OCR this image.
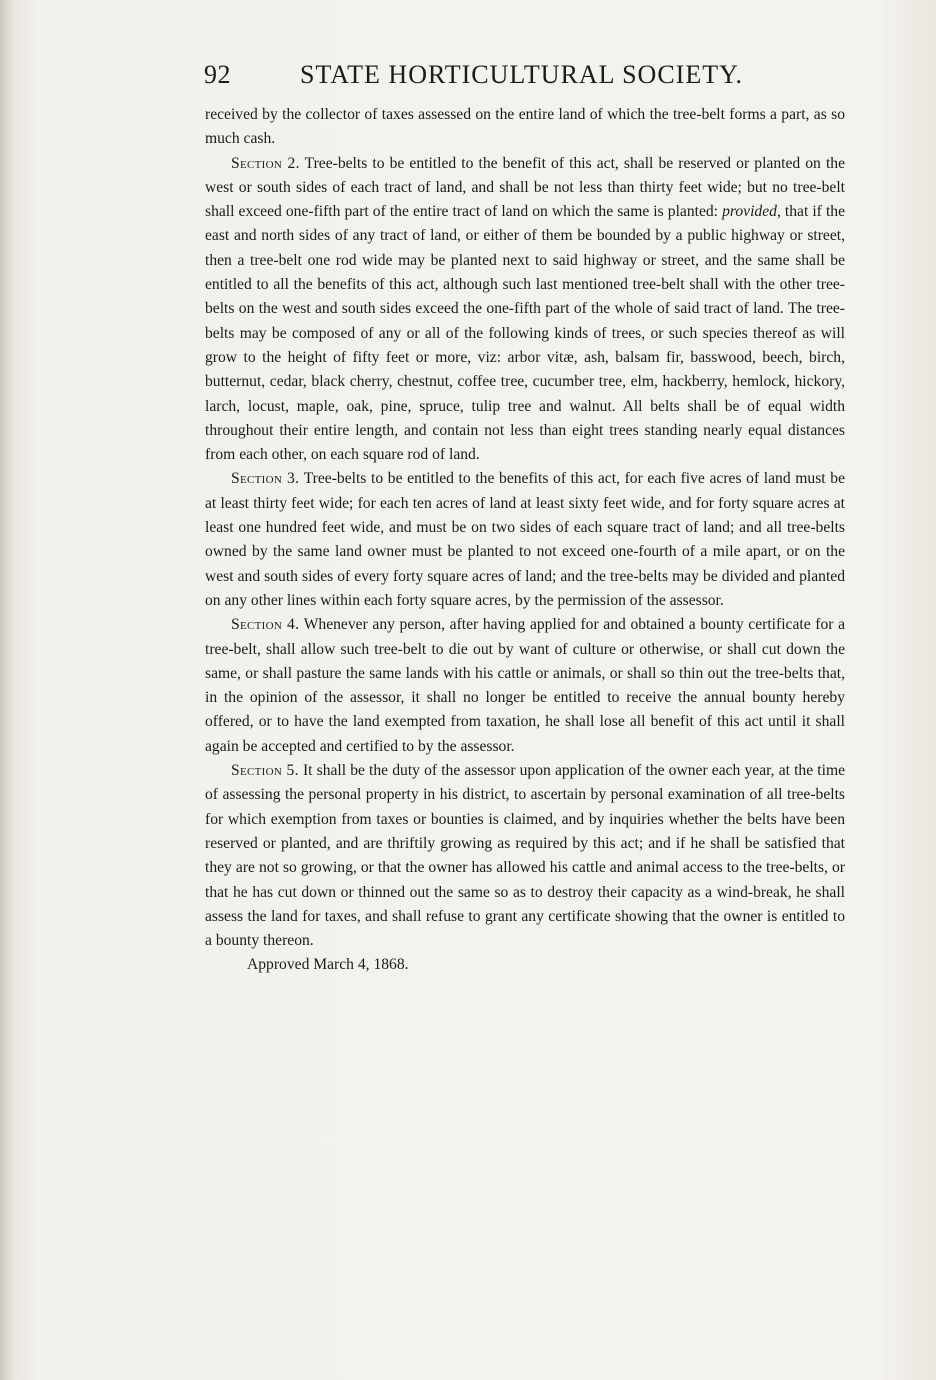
92	STATE HORTICULTURAL SOCIETY.

received by the collector of taxes assessed on the entire land of which the tree-belt forms a part, as so much cash.

Section 2. Tree-belts to be entitled to the benefit of this act, shall be reserved or planted on the west or south sides of each tract of land, and shall be not less than thirty feet wide; but no tree-belt shall exceed one-fifth part of the entire tract of land on which the same is planted: provided, that if the east and north sides of any tract of land, or either of them be bounded by a public highway or street, then a tree-belt one rod wide may be planted next to said highway or street, and the same shall be entitled to all the benefits of this act, although such last mentioned tree-belt shall with the other tree-belts on the west and south sides exceed the one-fifth part of the whole of said tract of land. The tree-belts may be composed of any or all of the following kinds of trees, or such species thereof as will grow to the height of fifty feet or more, viz: arbor vitæ, ash, balsam fir, basswood, beech, birch, butternut, cedar, black cherry, chestnut, coffee tree, cucumber tree, elm, hackberry, hemlock, hickory, larch, locust, maple, oak, pine, spruce, tulip tree and walnut. All belts shall be of equal width throughout their entire length, and contain not less than eight trees standing nearly equal distances from each other, on each square rod of land.

Section 3. Tree-belts to be entitled to the benefits of this act, for each five acres of land must be at least thirty feet wide; for each ten acres of land at least sixty feet wide, and for forty square acres at least one hundred feet wide, and must be on two sides of each square tract of land; and all tree-belts owned by the same land owner must be planted to not exceed one-fourth of a mile apart, or on the west and south sides of every forty square acres of land; and the tree-belts may be divided and planted on any other lines within each forty square acres, by the permission of the assessor.

Section 4. Whenever any person, after having applied for and obtained a bounty certificate for a tree-belt, shall allow such tree-belt to die out by want of culture or otherwise, or shall cut down the same, or shall pasture the same lands with his cattle or animals, or shall so thin out the tree-belts that, in the opinion of the assessor, it shall no longer be entitled to receive the annual bounty hereby offered, or to have the land exempted from taxation, he shall lose all benefit of this act until it shall again be accepted and certified to by the assessor.

Section 5. It shall be the duty of the assessor upon application of the owner each year, at the time of assessing the personal property in his district, to ascertain by personal examination of all tree-belts for which exemption from taxes or bounties is claimed, and by inquiries whether the belts have been reserved or planted, and are thriftily growing as required by this act; and if he shall be satisfied that they are not so growing, or that the owner has allowed his cattle and animal access to the tree-belts, or that he has cut down or thinned out the same so as to destroy their capacity as a wind-break, he shall assess the land for taxes, and shall refuse to grant any certificate showing that the owner is entitled to a bounty thereon.

Approved March 4, 1868.
